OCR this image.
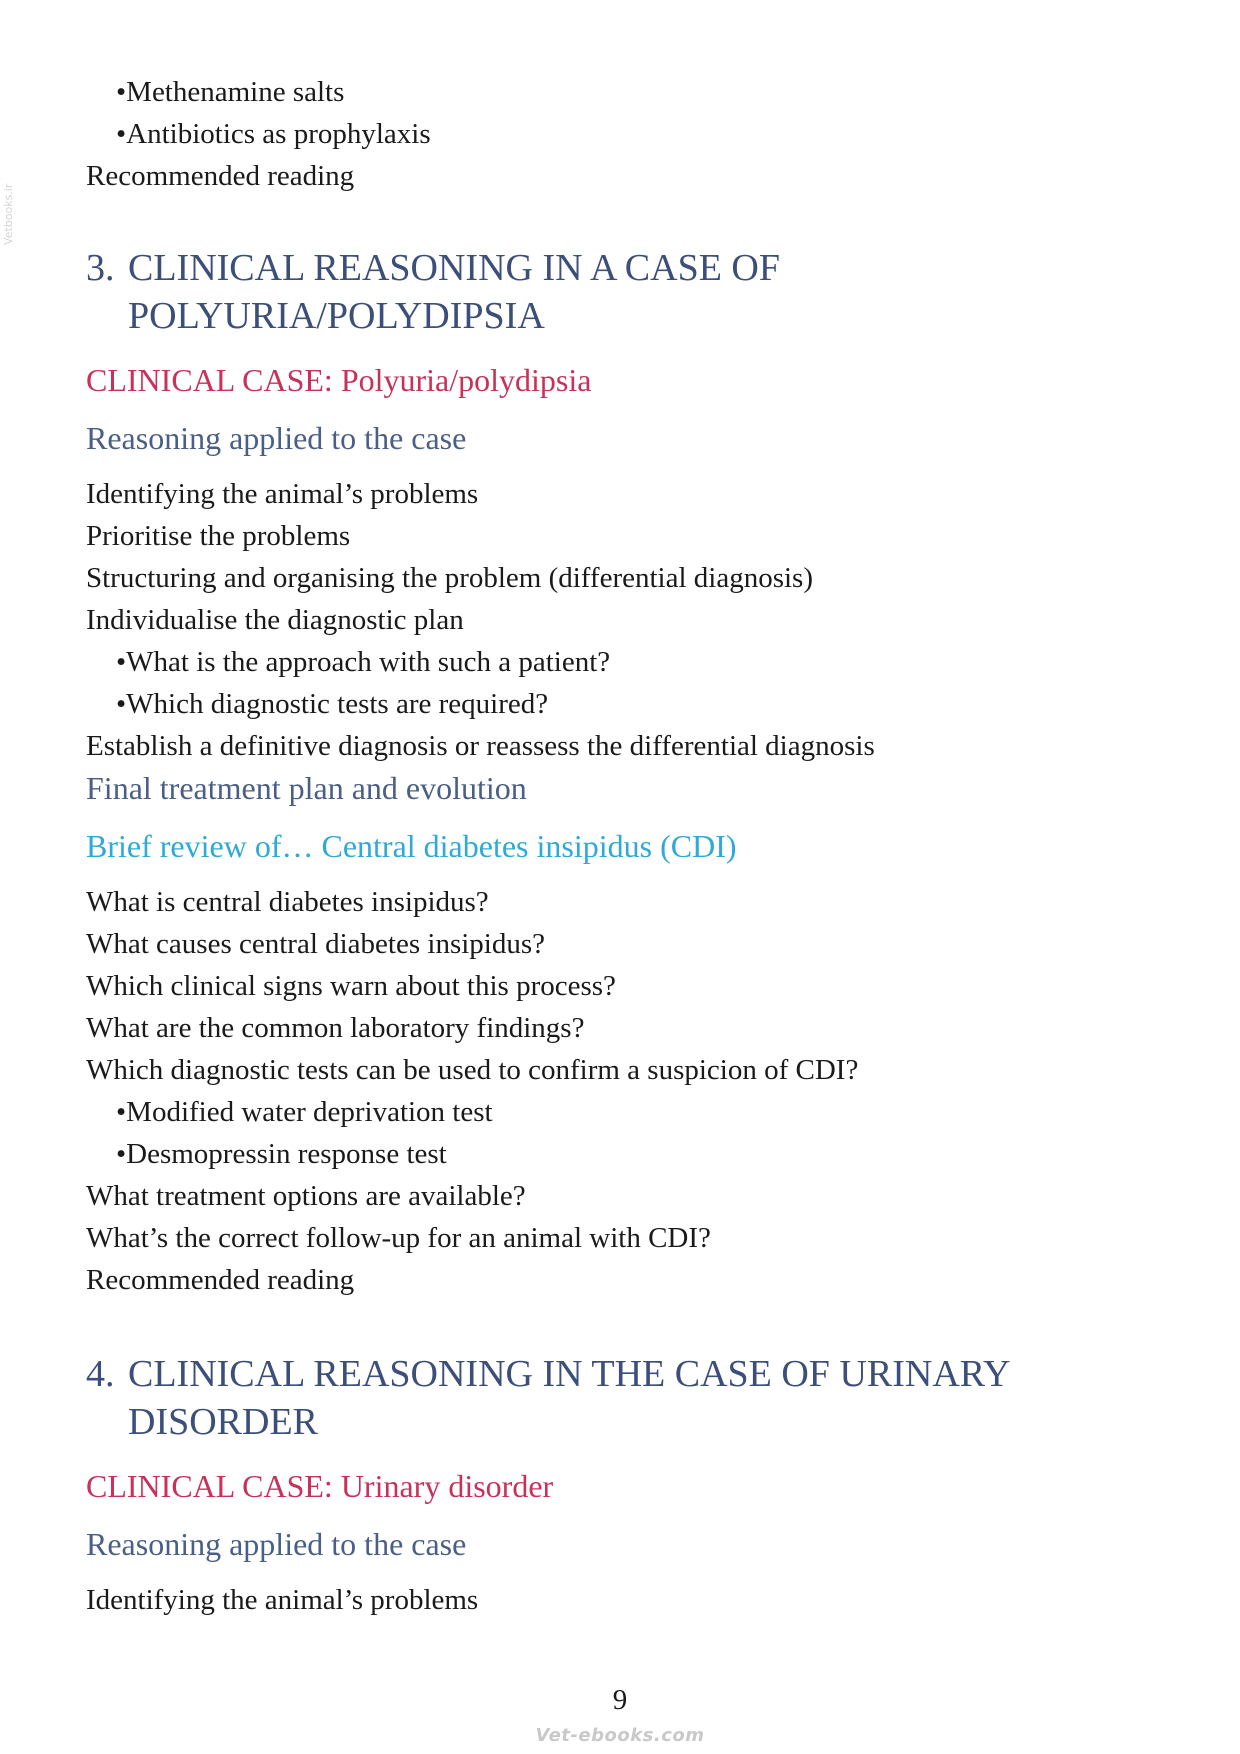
Vetbooks.ir
•Methenamine salts
•Antibiotics as prophylaxis
Recommended reading
3. CLINICAL REASONING IN A CASE OF
POLYURIA/POLYDIPSIA
CLINICAL CASE: Polyuria/polydipsia
Reasoning applied to the case
Identifying the animal’s problems
Prioritise the problems
Structuring and organising the problem (differential diagnosis)
Individualise the diagnostic plan
•What is the approach with such a patient?
•Which diagnostic tests are required?
Establish a definitive diagnosis or reassess the differential diagnosis
Final treatment plan and evolution
Brief review of… Central diabetes insipidus (CDI)
What is central diabetes insipidus?
What causes central diabetes insipidus?
Which clinical signs warn about this process?
What are the common laboratory findings?
Which diagnostic tests can be used to confirm a suspicion of CDI?
•Modified water deprivation test
•Desmopressin response test
What treatment options are available?
What’s the correct follow-up for an animal with CDI?
Recommended reading
4. CLINICAL REASONING IN THE CASE OF URINARY
DISORDER
CLINICAL CASE: Urinary disorder
Reasoning applied to the case
Identifying the animal’s problems
9
Vet-ebooks.com
